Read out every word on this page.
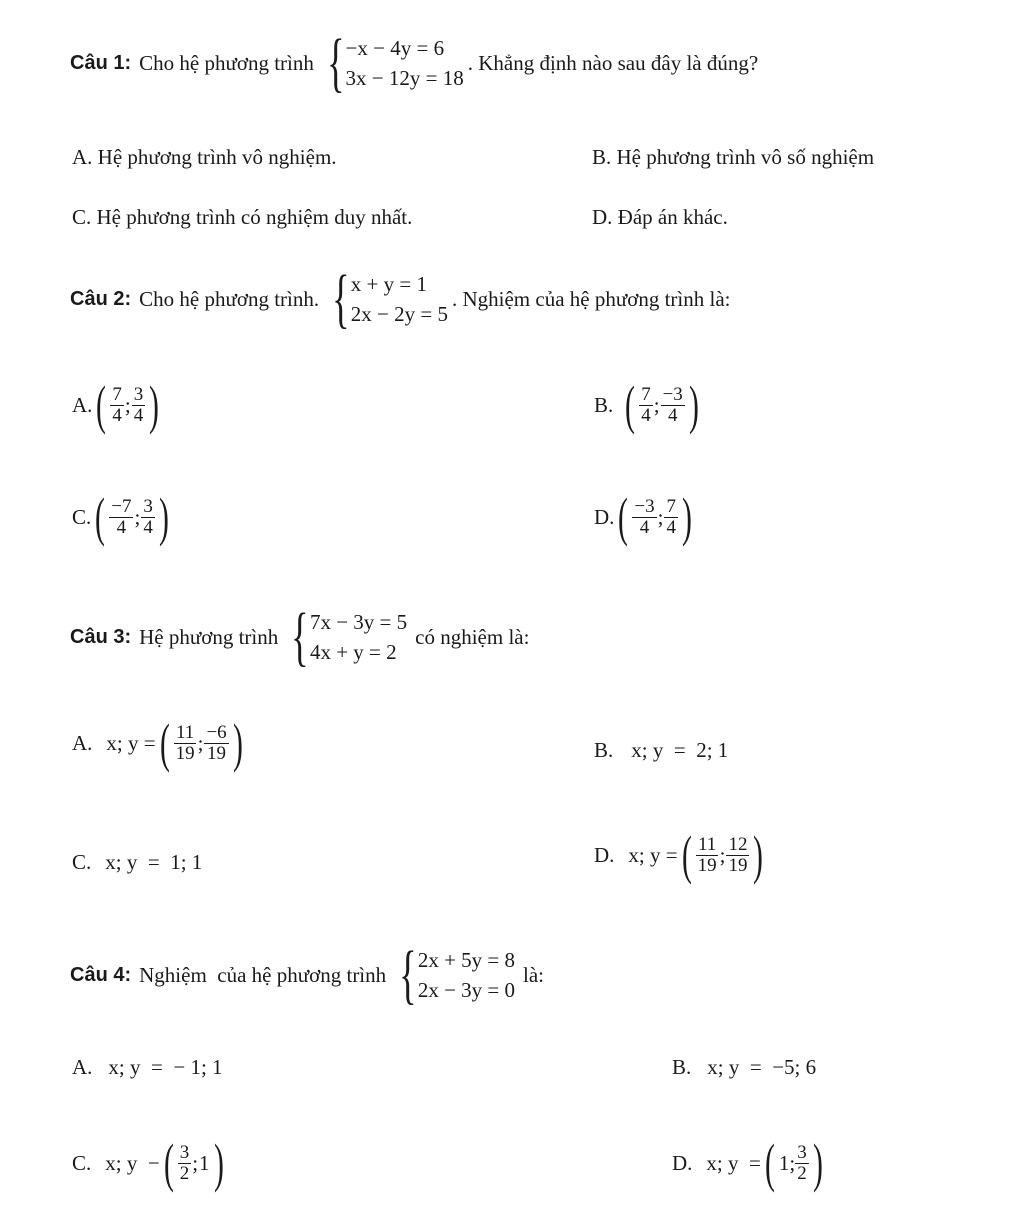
Câu 1: Cho hệ phương trình { −x − 4y = 6
3x − 12y = 18
. Khẳng định nào sau đây là đúng?
A. Hệ phương trình vô nghiệm.	B. Hệ phương trình vô số nghiệm
C. Hệ phương trình có nghiệm duy nhất.	D. Đáp án khác.
Câu 2: Cho hệ phương trình. { x + y = 1
2x − 2y = 5
. Nghiệm của hệ phương trình là:
A. ( $\frac{7}{4}$ ; $\frac{3}{4}$ )	B. ( $\frac{7}{4}$ ; $\frac{-3}{4}$ )
C. ( $\frac{-7}{4}$ ; $\frac{3}{4}$ )	D. ( $\frac{-3}{4}$ ; $\frac{7}{4}$ )
Câu 3: Hệ phương trình { 7x − 3y = 5
4x + y = 2
có nghiệm là:
A. x; y = ( $\frac{11}{19}$ ; $\frac{-6}{19}$ )	B. x; y  =  2; 1
C. x; y  =  1; 1	D. x; y = ( $\frac{11}{19}$ ; $\frac{12}{19}$ )
Câu 4: Nghiệm  của hệ phương trình { 2x + 5y = 8
2x − 3y = 0
là:
A. x; y  =  − 1; 1	B. x; y  =  −5; 6
C. x; y  − ( $\frac{3}{2}$ ; 1 )	D. x; y  = ( 1; $\frac{3}{2}$ )
